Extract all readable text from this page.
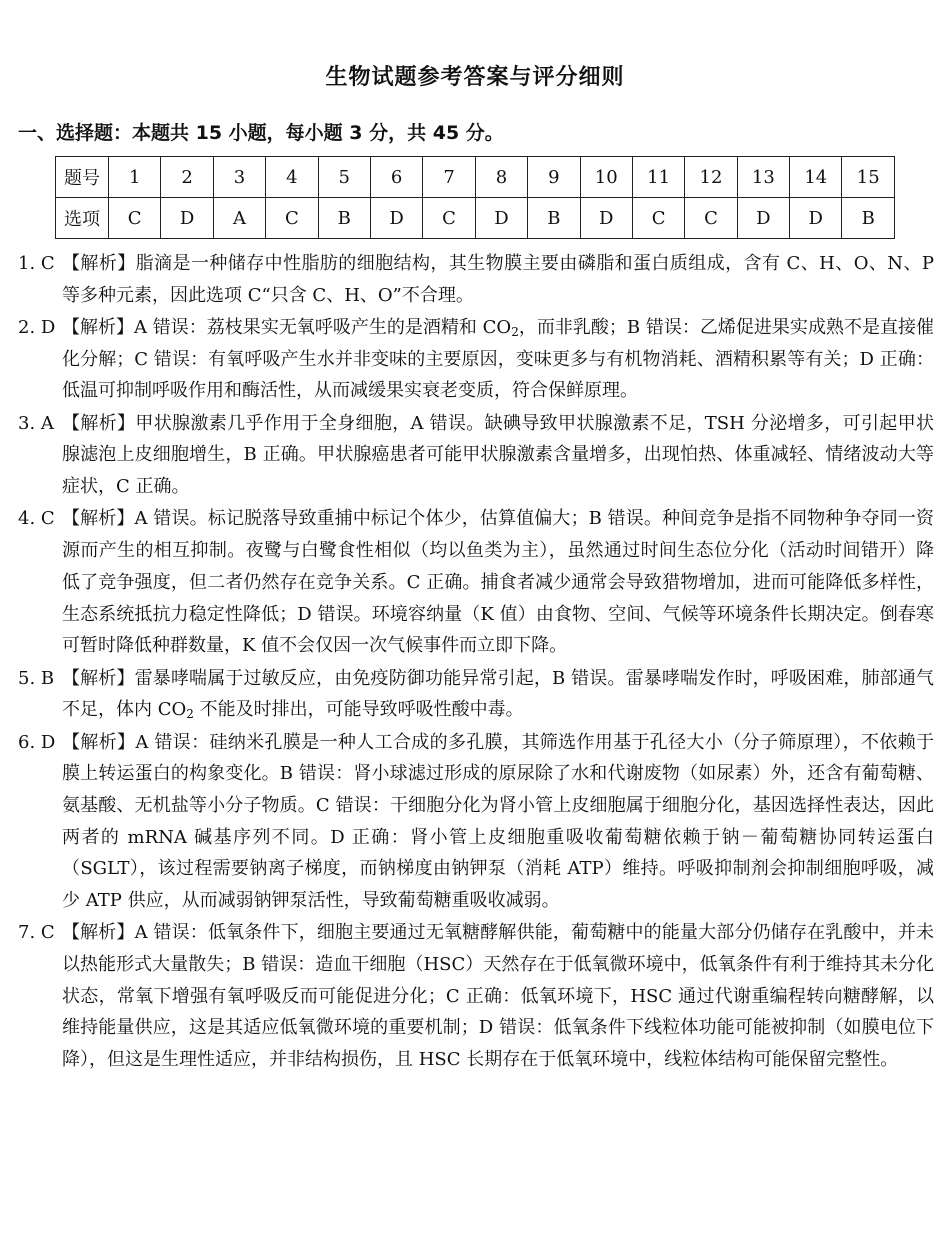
生物试题参考答案与评分细则
一、选择题：本题共 15 小题，每小题 3 分，共 45 分。
题号	1	2	3	4	5	6	7	8	9	10	11	12	13	14	15
选项	C	D	A	C	B	D	C	D	B	D	C	C	D	D	B
1. C 【解析】脂滴是一种储存中性脂肪的细胞结构，其生物膜主要由磷脂和蛋白质组成，含有 C、H、O、N、P 等多种元素，因此选项 C“只含 C、H、O”不合理。
2. D 【解析】A 错误：荔枝果实无氧呼吸产生的是酒精和 $CO_2$，而非乳酸；B 错误：乙烯促进果实成熟不是直接催化分解；C 错误：有氧呼吸产生水并非变味的主要原因，变味更多与有机物消耗、酒精积累等有关；D 正确：低温可抑制呼吸作用和酶活性，从而减缓果实衰老变质，符合保鲜原理。
3. A 【解析】甲状腺激素几乎作用于全身细胞，A 错误。缺碘导致甲状腺激素不足，TSH 分泌增多，可引起甲状腺滤泡上皮细胞增生，B 正确。甲状腺癌患者可能甲状腺激素含量增多，出现怕热、体重减轻、情绪波动大等症状，C 正确。
4. C 【解析】A 错误。标记脱落导致重捕中标记个体少，估算值偏大；B 错误。种间竞争是指不同物种争夺同一资源而产生的相互抑制。夜鹭与白鹭食性相似（均以鱼类为主），虽然通过时间生态位分化（活动时间错开）降低了竞争强度，但二者仍然存在竞争关系。C 正确。捕食者减少通常会导致猎物增加，进而可能降低多样性，生态系统抵抗力稳定性降低；D 错误。环境容纳量（K 值）由食物、空间、气候等环境条件长期决定。倒春寒可暂时降低种群数量，K 值不会仅因一次气候事件而立即下降。
5. B 【解析】雷暴哮喘属于过敏反应，由免疫防御功能异常引起，B 错误。雷暴哮喘发作时，呼吸困难，肺部通气不足，体内 $CO_2$ 不能及时排出，可能导致呼吸性酸中毒。
6. D 【解析】A 错误：硅纳米孔膜是一种人工合成的多孔膜，其筛选作用基于孔径大小（分子筛原理），不依赖于膜上转运蛋白的构象变化。B 错误：肾小球滤过形成的原尿除了水和代谢废物（如尿素）外，还含有葡萄糖、氨基酸、无机盐等小分子物质。C 错误：干细胞分化为肾小管上皮细胞属于细胞分化，基因选择性表达，因此两者的 mRNA 碱基序列不同。D 正确：肾小管上皮细胞重吸收葡萄糖依赖于钠－葡萄糖协同转运蛋白（SGLT），该过程需要钠离子梯度，而钠梯度由钠钾泵（消耗 ATP）维持。呼吸抑制剂会抑制细胞呼吸，减少 ATP 供应，从而减弱钠钾泵活性，导致葡萄糖重吸收减弱。
7. C 【解析】A 错误：低氧条件下，细胞主要通过无氧糖酵解供能，葡萄糖中的能量大部分仍储存在乳酸中，并未以热能形式大量散失；B 错误：造血干细胞（HSC）天然存在于低氧微环境中，低氧条件有利于维持其未分化状态，常氧下增强有氧呼吸反而可能促进分化；C 正确：低氧环境下，HSC 通过代谢重编程转向糖酵解，以维持能量供应，这是其适应低氧微环境的重要机制；D 错误：低氧条件下线粒体功能可能被抑制（如膜电位下降），但这是生理性适应，并非结构损伤，且 HSC 长期存在于低氧环境中，线粒体结构可能保留完整性。
